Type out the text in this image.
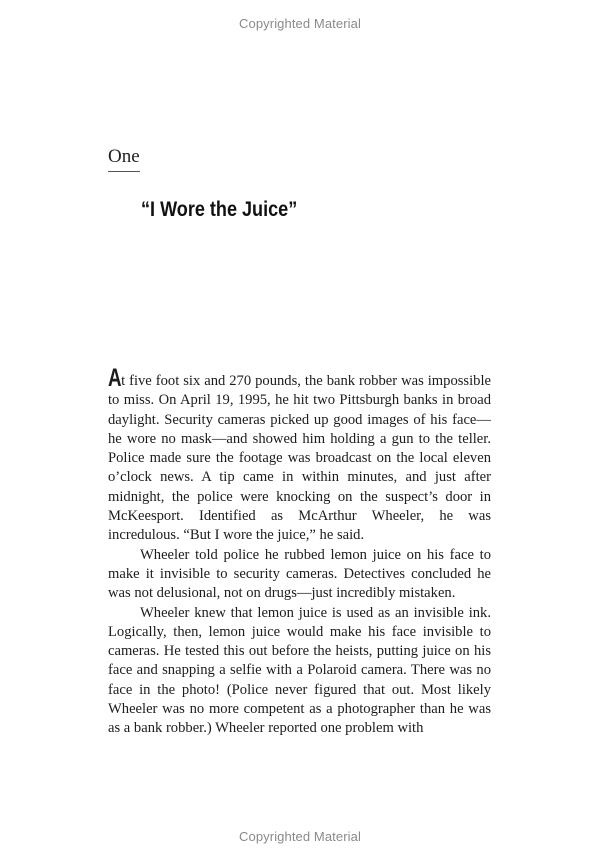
Copyrighted Material
One
“I Wore the Juice”

At five foot six and 270 pounds, the bank robber was impossible to miss. On April 19, 1995, he hit two Pittsburgh banks in broad daylight. Security cameras picked up good images of his face—he wore no mask—and showed him holding a gun to the teller. Police made sure the footage was broadcast on the local eleven o’clock news. A tip came in within minutes, and just after midnight, the police were knocking on the suspect’s door in McKeesport. Identified as McArthur Wheeler, he was incredulous. “But I wore the juice,” he said.

Wheeler told police he rubbed lemon juice on his face to make it invisible to security cameras. Detectives concluded he was not delusional, not on drugs—just incredibly mistaken.

Wheeler knew that lemon juice is used as an invisible ink. Logically, then, lemon juice would make his face invisible to cameras. He tested this out before the heists, putting juice on his face and snapping a selfie with a Polaroid camera. There was no face in the photo! (Police never figured that out. Most likely Wheeler was no more competent as a photographer than he was as a bank robber.) Wheeler reported one problem with

Copyrighted Material
